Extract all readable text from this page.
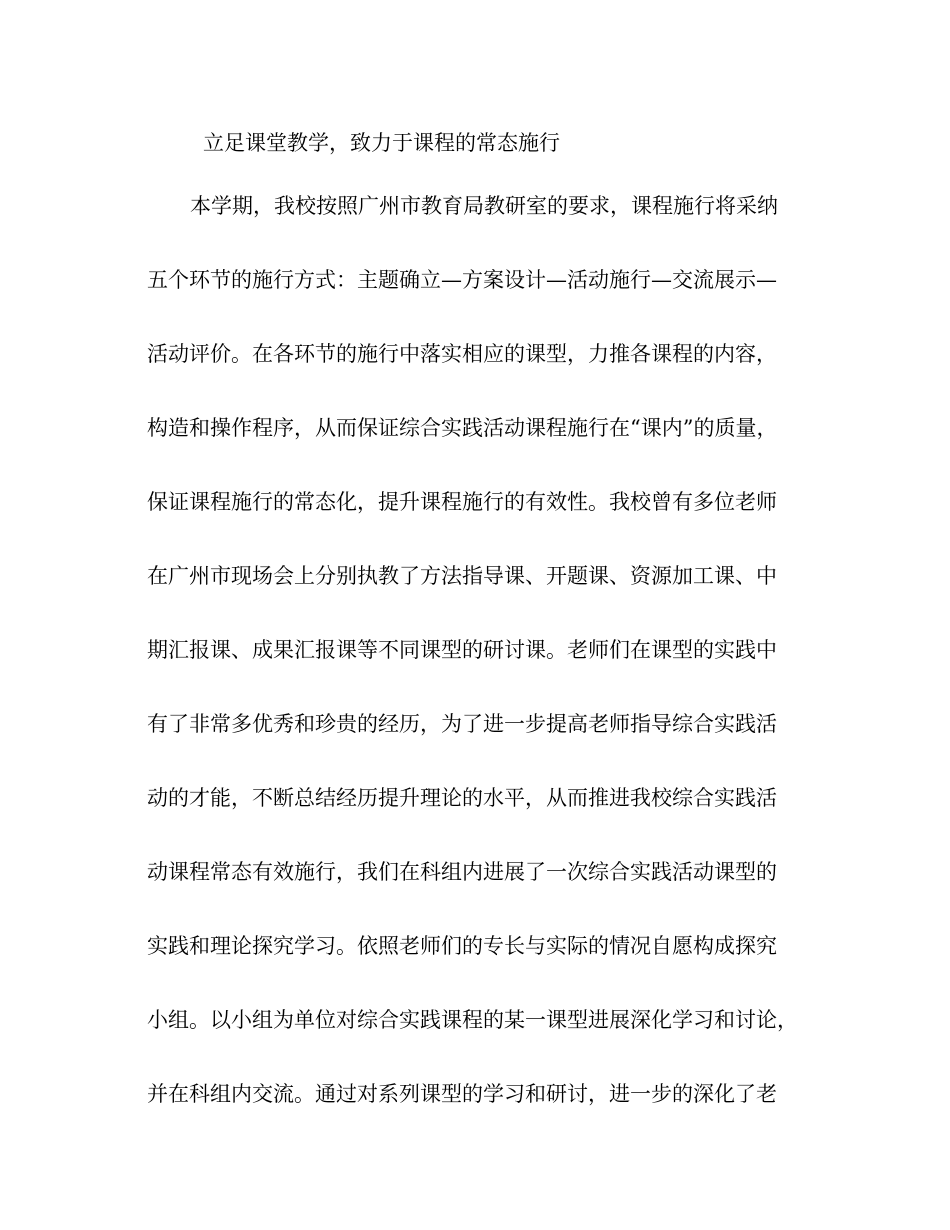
立足课堂教学，致力于课程的常态施行
本学期，我校按照广州市教育局教研室的要求，课程施行将采纳
五个环节的施行方式：主题确立—方案设计—活动施行—交流展示—
活动评价。在各环节的施行中落实相应的课型，力推各课程的内容，
构造和操作程序，从而保证综合实践活动课程施行在“课内”的质量，
保证课程施行的常态化，提升课程施行的有效性。我校曾有多位老师
在广州市现场会上分别执教了方法指导课、开题课、资源加工课、中
期汇报课、成果汇报课等不同课型的研讨课。老师们在课型的实践中
有了非常多优秀和珍贵的经历，为了进一步提高老师指导综合实践活
动的才能，不断总结经历提升理论的水平，从而推进我校综合实践活
动课程常态有效施行，我们在科组内进展了一次综合实践活动课型的
实践和理论探究学习。依照老师们的专长与实际的情况自愿构成探究
小组。以小组为单位对综合实践课程的某一课型进展深化学习和讨论，
并在科组内交流。通过对系列课型的学习和研讨，进一步的深化了老
